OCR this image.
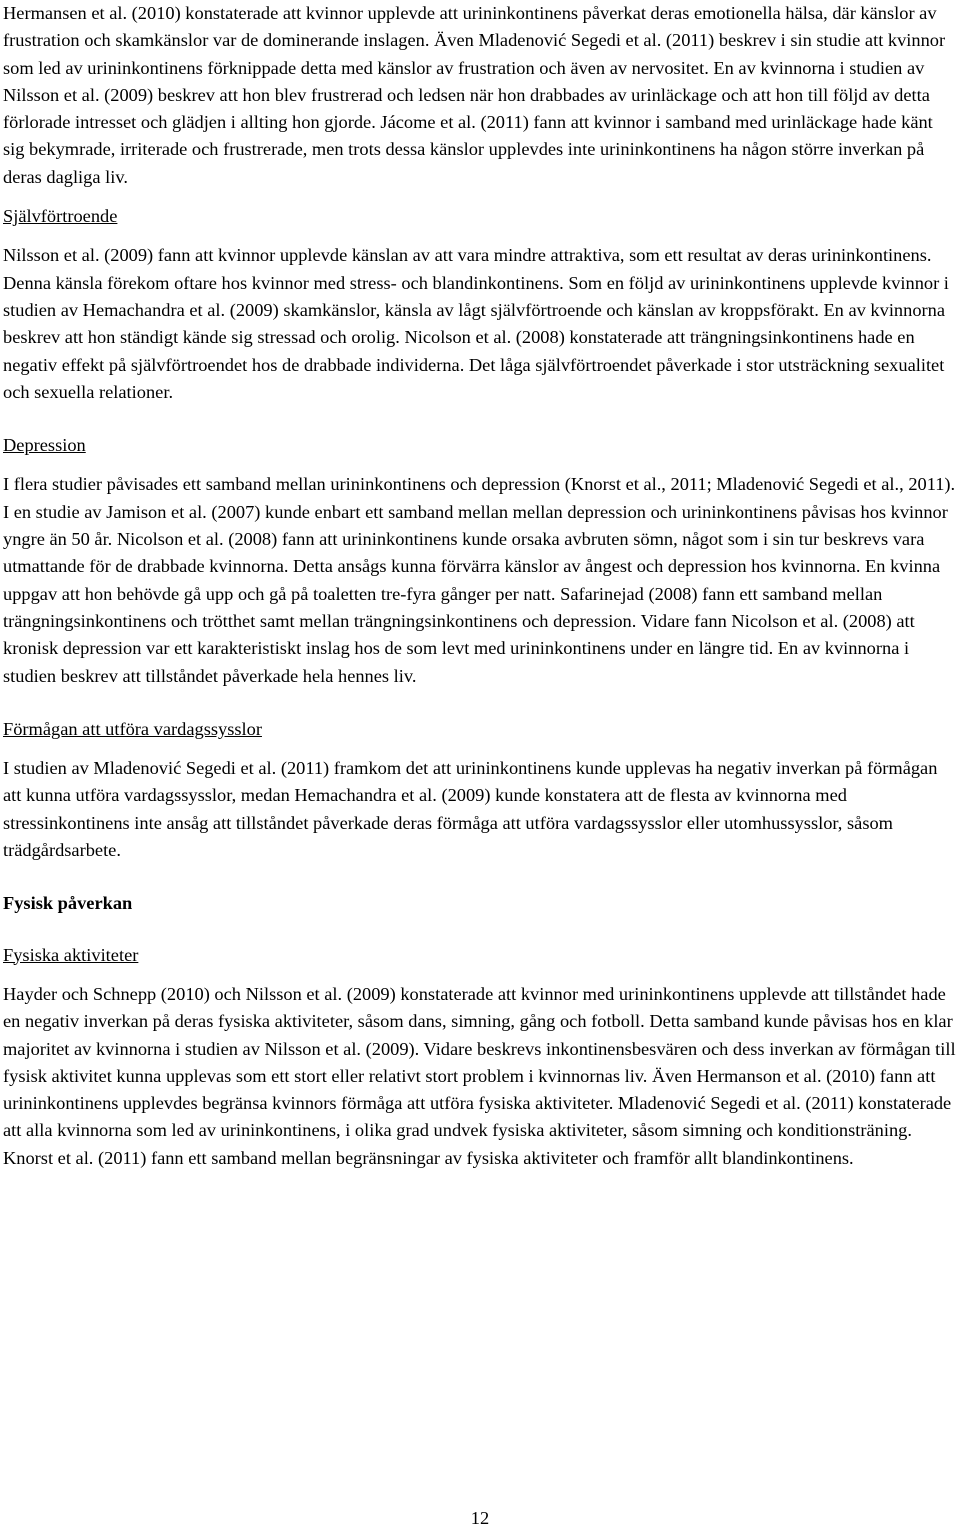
Hermansen et al. (2010) konstaterade att kvinnor upplevde att urininkontinens påverkat deras emotionella hälsa, där känslor av frustration och skamkänslor var de dominerande inslagen. Även Mladenović Segedi et al. (2011) beskrev i sin studie att kvinnor som led av urininkontinens förknippade detta med känslor av frustration och även av nervositet. En av kvinnorna i studien av Nilsson et al. (2009) beskrev att hon blev frustrerad och ledsen när hon drabbades av urinläckage och att hon till följd av detta förlorade intresset och glädjen i allting hon gjorde. Jácome et al. (2011) fann att kvinnor i samband med urinläckage hade känt sig bekymrade, irriterade och frustrerade, men trots dessa känslor upplevdes inte urininkontinens ha någon större inverkan på deras dagliga liv.

Självförtroende

Nilsson et al. (2009) fann att kvinnor upplevde känslan av att vara mindre attraktiva, som ett resultat av deras urininkontinens. Denna känsla förekom oftare hos kvinnor med stress- och blandinkontinens. Som en följd av urininkontinens upplevde kvinnor i studien av Hemachandra et al. (2009) skamkänslor, känsla av lågt självförtroende och känslan av kroppsförakt. En av kvinnorna beskrev att hon ständigt kände sig stressad och orolig. Nicolson et al. (2008) konstaterade att trängningsinkontinens hade en negativ effekt på självförtroendet hos de drabbade individerna. Det låga självförtroendet påverkade i stor utsträckning sexualitet och sexuella relationer.

Depression

I flera studier påvisades ett samband mellan urininkontinens och depression (Knorst et al., 2011; Mladenović Segedi et al., 2011). I en studie av Jamison et al. (2007) kunde enbart ett samband mellan mellan depression och urininkontinens påvisas hos kvinnor yngre än 50 år. Nicolson et al. (2008) fann att urininkontinens kunde orsaka avbruten sömn, något som i sin tur beskrevs vara utmattande för de drabbade kvinnorna. Detta ansågs kunna förvärra känslor av ångest och depression hos kvinnorna. En kvinna uppgav att hon behövde gå upp och gå på toaletten tre-fyra gånger per natt. Safarinejad (2008) fann ett samband mellan trängningsinkontinens och trötthet samt mellan trängningsinkontinens och depression. Vidare fann Nicolson et al. (2008) att kronisk depression var ett karakteristiskt inslag hos de som levt med urininkontinens under en längre tid. En av kvinnorna i studien beskrev att tillståndet påverkade hela hennes liv.

Förmågan att utföra vardagssysslor

I studien av Mladenović Segedi et al. (2011) framkom det att urininkontinens kunde upplevas ha negativ inverkan på förmågan att kunna utföra vardagssysslor, medan Hemachandra et al. (2009) kunde konstatera att de flesta av kvinnorna med stressinkontinens inte ansåg att tillståndet påverkade deras förmåga att utföra vardagssysslor eller utomhussysslor, såsom trädgårdsarbete.

Fysisk påverkan

Fysiska aktiviteter

Hayder och Schnepp (2010) och Nilsson et al. (2009) konstaterade att kvinnor med urininkontinens upplevde att tillståndet hade en negativ inverkan på deras fysiska aktiviteter, såsom dans, simning, gång och fotboll. Detta samband kunde påvisas hos en klar majoritet av kvinnorna i studien av Nilsson et al. (2009). Vidare beskrevs inkontinensbesvären och dess inverkan av förmågan till fysisk aktivitet kunna upplevas som ett stort eller relativt stort problem i kvinnornas liv. Även Hermanson et al. (2010) fann att urininkontinens upplevdes begränsa kvinnors förmåga att utföra fysiska aktiviteter. Mladenović Segedi et al. (2011) konstaterade att alla kvinnorna som led av urininkontinens, i olika grad undvek fysiska aktiviteter, såsom simning och konditionsträning. Knorst et al. (2011) fann ett samband mellan begränsningar av fysiska aktiviteter och framför allt blandinkontinens.

12
